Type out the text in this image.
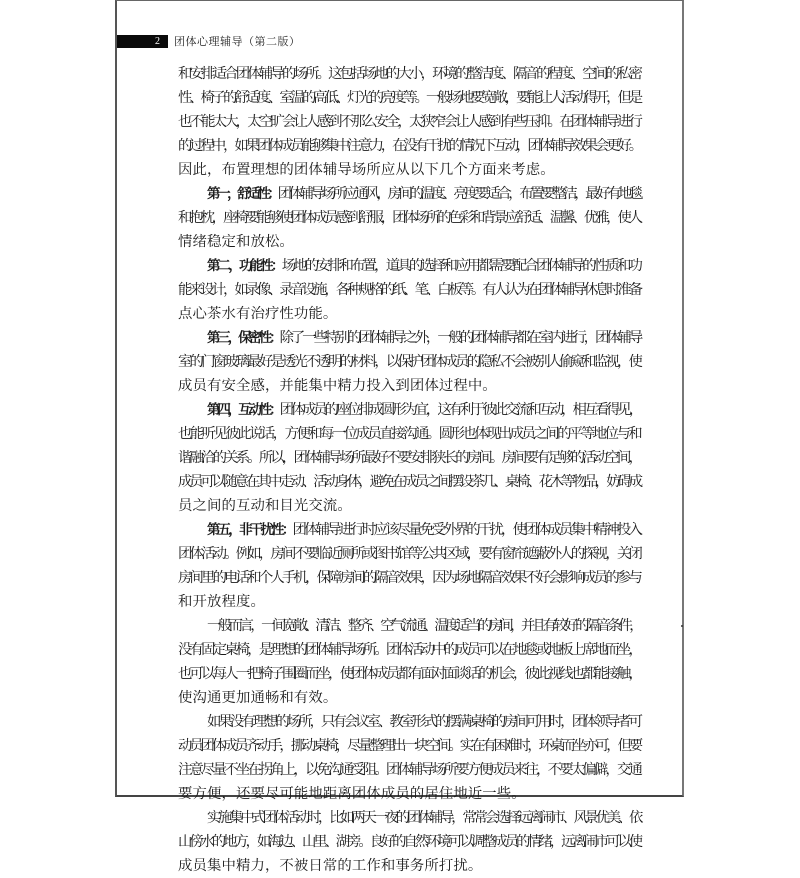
2	团体心理辅导（第二版）
和安排适合团体辅导的场所。这包括场地的大小，环境的整洁度、隔音的程度、空间的私密
性、椅子的舒适度、室温的高低、灯光的亮度等。一般场地要宽敞，要能让人活动得开，但是
也不能太大，太空旷会让人感到不那么安全，太狭窄会让人感到有些压抑。在团体辅导进行
的过程中，如果团体成员能够集中注意力，在没有干扰的情况下互动，团体辅导效果会更好。
因此，布置理想的团体辅导场所应从以下几个方面来考虑。
第一，舒适性：团体辅导场所应通风，房间的温度、亮度要适合，布置要整洁，最好有地毯
和抱枕，座椅要能够使团体成员感到舒服，团体场所的色彩和背景应舒适、温馨、优雅，使人
情绪稳定和放松。
第二，功能性：场地的安排和布置，道具的选择和应用都需要配合团体辅导的性质和功
能来设计，如录像、录音设施，各种规格的纸、笔、白板等。有人认为在团体辅导休息时准备
点心茶水有治疗性功能。
第三，保密性：除了一些特别的团体辅导之外，一般的团体辅导都在室内进行，团体辅导
室的门窗玻璃最好是透光不透明的材料，以保护团体成员的隐私不会被别人偷窥和监视，使
成员有安全感，并能集中精力投入到团体过程中。
第四，互动性：团体成员的座位排成圆形为宜，这有利于彼此交流和互动，相互看得见，
也能听见彼此说话，方便和每一位成员直接沟通。圆形也体现出成员之间的平等地位与和
谐融洽的关系。所以，团体辅导场所最好不要安排狭长的房间。房间要有足够的活动空间，
成员可以随意在其中走动、活动身体，避免在成员之间摆设茶几、桌椅、花木等物品，妨碍成
员之间的互动和目光交流。
第五，非干扰性：团体辅导进行时应该尽量免受外界的干扰，使团体成员集中精神投入
团体活动。例如，房间不要临近厕所或图书馆等公共区域，要有窗帘遮蔽外人的探视，关闭
房间里的电话和个人手机，保障房间的隔音效果，因为场地隔音效果不好会影响成员的参与
和开放程度。
一般而言，一间宽敞、清洁、整齐、空气流通、温度适当的房间，并且有较好的隔音条件，
没有固定桌椅，是理想的团体辅导场所。团体活动中的成员可以在地毯或地板上席地而坐，
也可以每人一把椅子围圈而坐，使团体成员都有面对面谈话的机会，彼此视线也都能接触，
使沟通更加通畅和有效。
如果没有理想的场所，只有会议室、教室形式的摆满桌椅的房间可用时，团体领导者可
动员团体成员齐动手，挪动桌椅，尽量整理出一块空间。实在有困难时，环桌而坐亦可，但要
注意尽量不坐在拐角上，以免沟通受阻。团体辅导场所要方便成员来往，不要太偏僻，交通
要方便，还要尽可能地距离团体成员的居住地近一些。
实施集中式团体活动时，比如两天一夜的团体辅导，常常会选择远离闹市、风景优美、依
山傍水的地方，如海边、山里、湖旁。良好的自然环境可以调整成员的情绪，远离闹市可以使
成员集中精力，不被日常的工作和事务所打扰。
